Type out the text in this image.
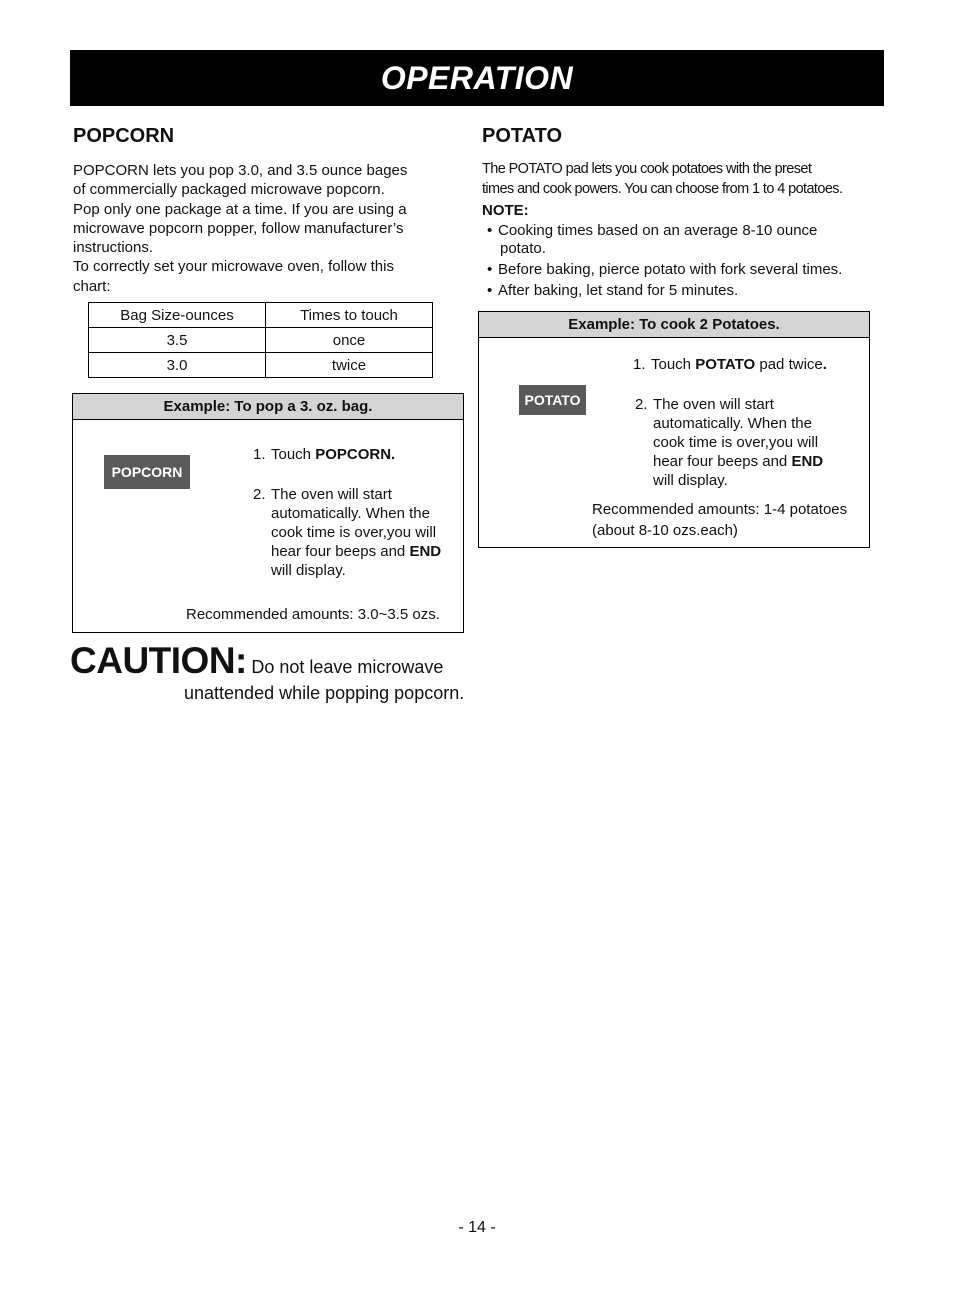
OPERATION
POPCORN
POPCORN lets you pop 3.0, and 3.5 ounce bages
of commercially packaged microwave popcorn.
Pop only one package at a time. If you are using a
microwave popcorn popper, follow manufacturer’s
instructions.
To correctly set your microwave oven, follow this
chart:
Bag Size-ounces	Times to touch
3.5	once
3.0	twice
Example: To pop a 3. oz. bag.
POPCORN
1. Touch POPCORN.
2. The oven will start
automatically. When the
cook time is over,you will
hear four beeps and END
will display.
Recommended amounts: 3.0~3.5 ozs.
CAUTION: Do not leave microwave
unattended while popping popcorn.
POTATO
The POTATO pad lets you cook potatoes with the preset
times and cook powers. You can choose from 1 to 4 potatoes.
NOTE:
• Cooking times based on an average 8-10 ounce
potato.
• Before baking, pierce potato with fork several times.
• After baking, let stand for 5 minutes.
Example: To cook 2 Potatoes.
POTATO
1. Touch POTATO pad twice.
2. The oven will start
automatically. When the
cook time is over,you will
hear four beeps and END
will display.
Recommended amounts: 1-4 potatoes
(about 8-10 ozs.each)
- 14 -
